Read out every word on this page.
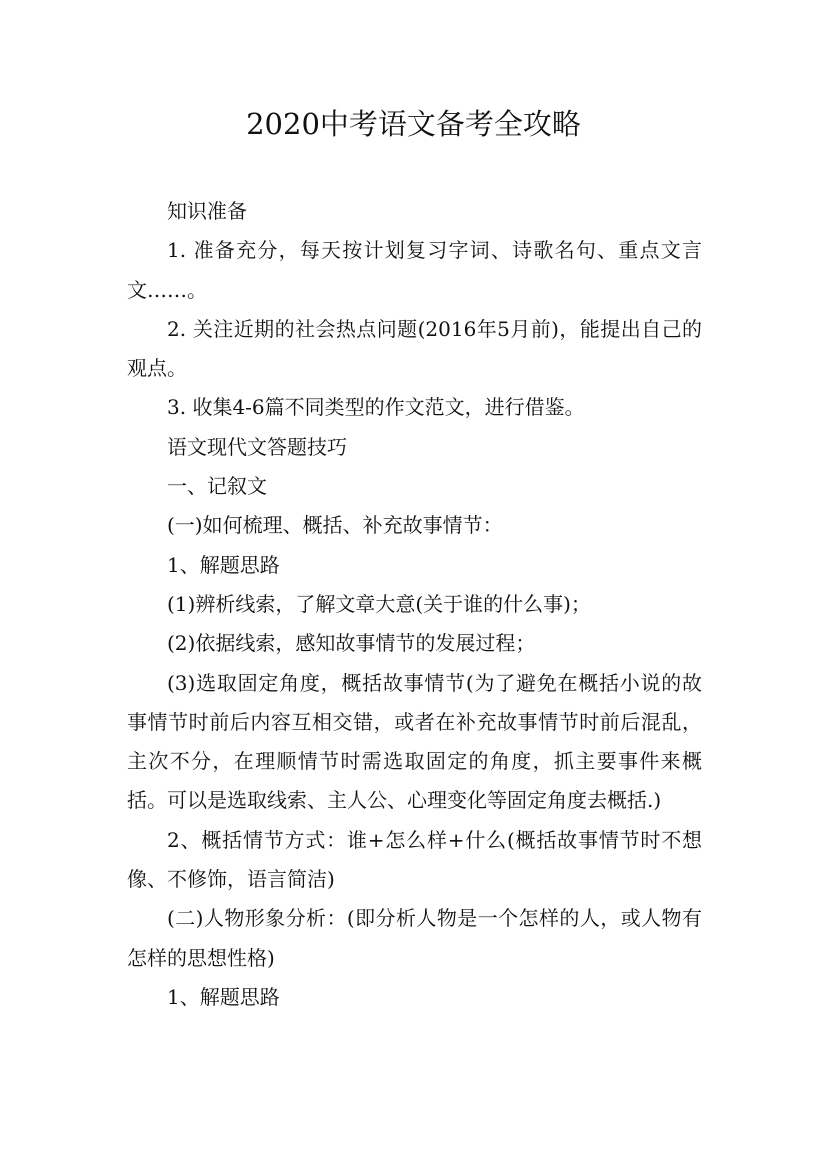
2020中考语文备考全攻略

知识准备

1. 准备充分，每天按计划复习字词、诗歌名句、重点文言文……。

2. 关注近期的社会热点问题(2016年5月前)，能提出自己的观点。

3. 收集4-6篇不同类型的作文范文，进行借鉴。

语文现代文答题技巧

一、记叙文

(一)如何梳理、概括、补充故事情节：

1、解题思路

(1)辨析线索，了解文章大意(关于谁的什么事)；

(2)依据线索，感知故事情节的发展过程；

(3)选取固定角度，概括故事情节(为了避免在概括小说的故事情节时前后内容互相交错，或者在补充故事情节时前后混乱，主次不分，在理顺情节时需选取固定的角度，抓主要事件来概括。可以是选取线索、主人公、心理变化等固定角度去概括.)

2、概括情节方式：谁+怎么样+什么(概括故事情节时不想像、不修饰，语言简洁)

(二)人物形象分析：(即分析人物是一个怎样的人，或人物有怎样的思想性格)

1、解题思路
